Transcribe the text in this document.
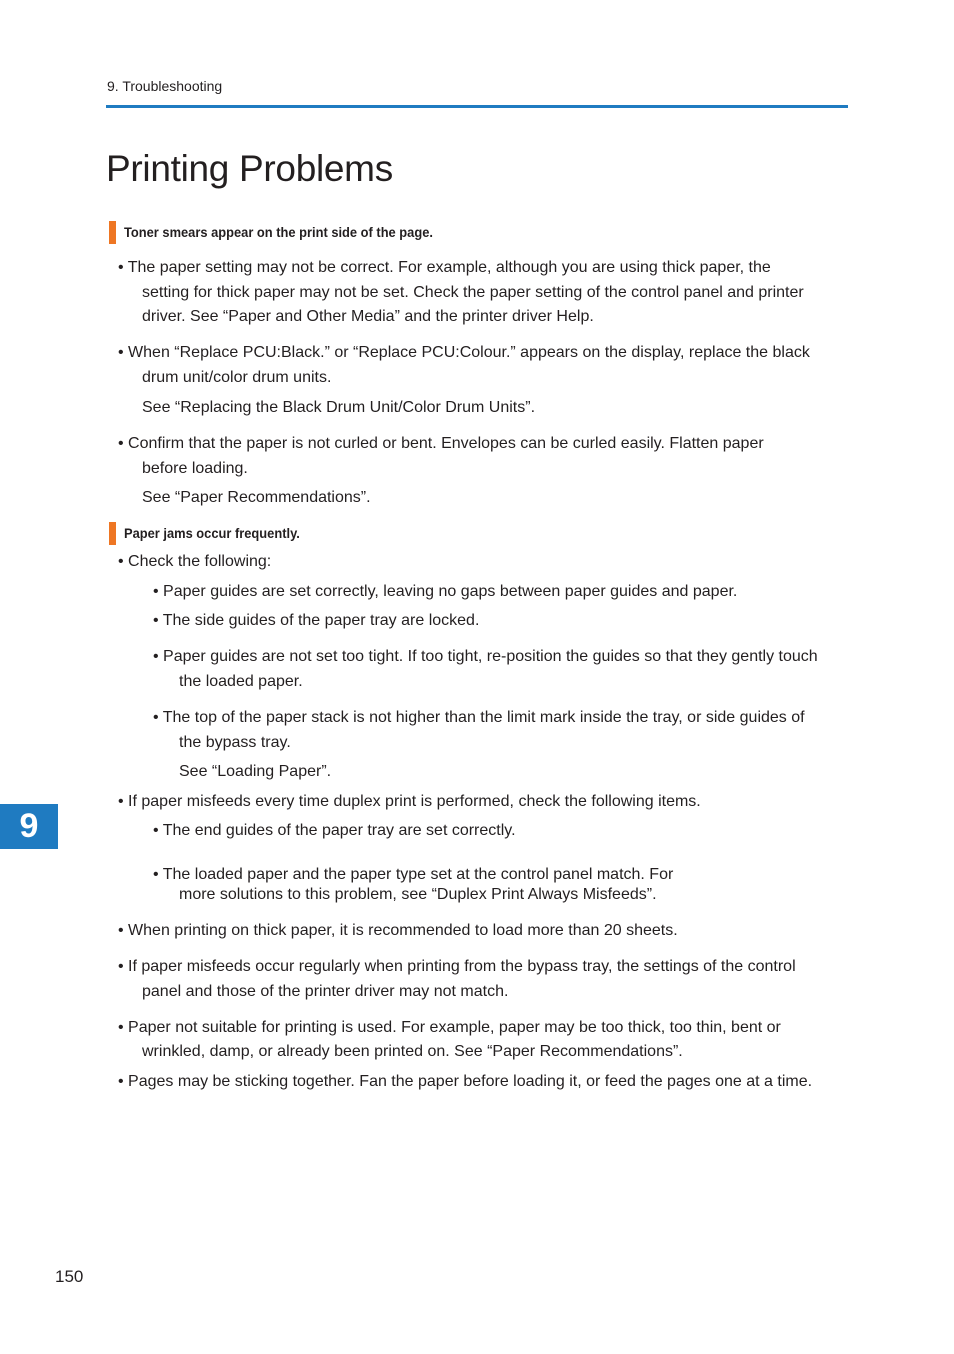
9. Troubleshooting
Printing Problems
Toner smears appear on the print side of the page.
• The paper setting may not be correct. For example, although you are using thick paper, the
setting for thick paper may not be set. Check the paper setting of the control panel and printer
driver. See “Paper and Other Media” and the printer driver Help.
• When “Replace PCU:Black.” or “Replace PCU:Colour.” appears on the display, replace the black
drum unit/color drum units.
See “Replacing the Black Drum Unit/Color Drum Units”.
• Confirm that the paper is not curled or bent. Envelopes can be curled easily. Flatten paper
before loading.
See “Paper Recommendations”.
Paper jams occur frequently.
• Check the following:
• Paper guides are set correctly, leaving no gaps between paper guides and paper.
• The side guides of the paper tray are locked.
• Paper guides are not set too tight. If too tight, re-position the guides so that they gently touch
the loaded paper.
• The top of the paper stack is not higher than the limit mark inside the tray, or side guides of
the bypass tray.
See “Loading Paper”.
• If paper misfeeds every time duplex print is performed, check the following items.
• The end guides of the paper tray are set correctly.
• The loaded paper and the paper type set at the control panel match. For
more solutions to this problem, see “Duplex Print Always Misfeeds”.
• When printing on thick paper, it is recommended to load more than 20 sheets.
• If paper misfeeds occur regularly when printing from the bypass tray, the settings of the control
panel and those of the printer driver may not match.
• Paper not suitable for printing is used. For example, paper may be too thick, too thin, bent or
wrinkled, damp, or already been printed on. See “Paper Recommendations”.
• Pages may be sticking together. Fan the paper before loading it, or feed the pages one at a time.
9
150
